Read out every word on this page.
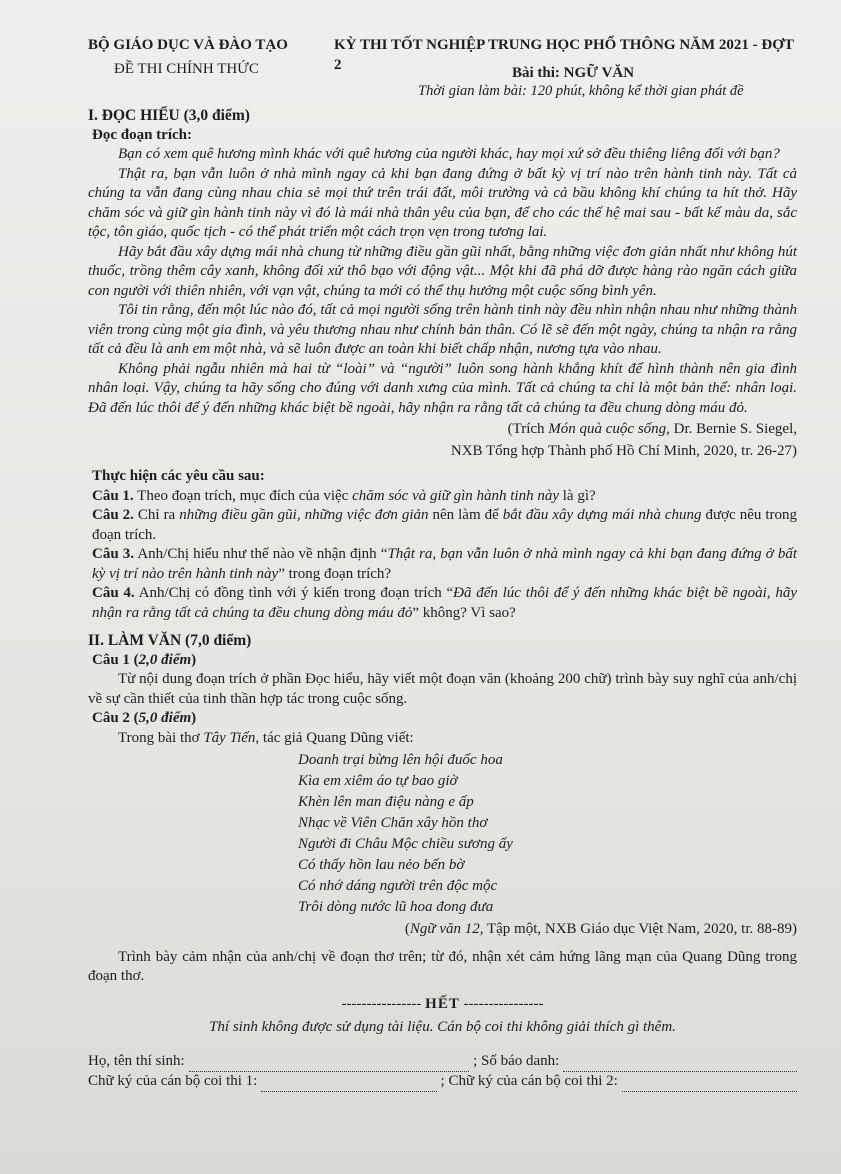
BỘ GIÁO DỤC VÀ ĐÀO TẠO
ĐỀ THI CHÍNH THỨC
KỲ THI TỐT NGHIỆP TRUNG HỌC PHỔ THÔNG NĂM 2021 - ĐỢT 2
Bài thi: NGỮ VĂN
Thời gian làm bài: 120 phút, không kể thời gian phát đề
I. ĐỌC HIỂU (3,0 điểm)
Đọc đoạn trích:

Bạn có xem quê hương mình khác với quê hương của người khác, hay mọi xứ sở đều thiêng liêng đối với bạn?

Thật ra, bạn vẫn luôn ở nhà mình ngay cả khi bạn đang đứng ở bất kỳ vị trí nào trên hành tinh này. Tất cả chúng ta vẫn đang cùng nhau chia sẻ mọi thứ trên trái đất, môi trường và cả bầu không khí chúng ta hít thở. Hãy chăm sóc và giữ gìn hành tinh này vì đó là mái nhà thân yêu của bạn, để cho các thế hệ mai sau - bất kể màu da, sắc tộc, tôn giáo, quốc tịch - có thể phát triển một cách trọn vẹn trong tương lai.

Hãy bắt đầu xây dựng mái nhà chung từ những điều gần gũi nhất, bằng những việc đơn giản nhất như không hút thuốc, trồng thêm cây xanh, không đối xử thô bạo với động vật... Một khi đã phá dỡ được hàng rào ngăn cách giữa con người với thiên nhiên, với vạn vật, chúng ta mới có thể thụ hưởng một cuộc sống bình yên.

Tôi tin rằng, đến một lúc nào đó, tất cả mọi người sống trên hành tinh này đều nhìn nhận nhau như những thành viên trong cùng một gia đình, và yêu thương nhau như chính bản thân. Có lẽ sẽ đến một ngày, chúng ta nhận ra rằng tất cả đều là anh em một nhà, và sẽ luôn được an toàn khi biết chấp nhận, nương tựa vào nhau.

Không phải ngẫu nhiên mà hai từ “loài” và “người” luôn song hành khắng khít để hình thành nên gia đình nhân loại. Vậy, chúng ta hãy sống cho đúng với danh xưng của mình. Tất cả chúng ta chỉ là một bản thể: nhân loại. Đã đến lúc thôi để ý đến những khác biệt bề ngoài, hãy nhận ra rằng tất cả chúng ta đều chung dòng máu đỏ.

(Trích Món quà cuộc sống, Dr. Bernie S. Siegel,

NXB Tổng hợp Thành phố Hồ Chí Minh, 2020, tr. 26-27)

Thực hiện các yêu cầu sau:

Câu 1. Theo đoạn trích, mục đích của việc chăm sóc và giữ gìn hành tinh này là gì?

Câu 2. Chỉ ra những điều gần gũi, những việc đơn giản nên làm để bắt đầu xây dựng mái nhà chung được nêu trong đoạn trích.

Câu 3. Anh/Chị hiểu như thế nào về nhận định “Thật ra, bạn vẫn luôn ở nhà mình ngay cả khi bạn đang đứng ở bất kỳ vị trí nào trên hành tinh này” trong đoạn trích?

Câu 4. Anh/Chị có đồng tình với ý kiến trong đoạn trích “Đã đến lúc thôi để ý đến những khác biệt bề ngoài, hãy nhận ra rằng tất cả chúng ta đều chung dòng máu đỏ” không? Vì sao?

II. LÀM VĂN (7,0 điểm)
Câu 1 (2,0 điểm)

Từ nội dung đoạn trích ở phần Đọc hiểu, hãy viết một đoạn văn (khoảng 200 chữ) trình bày suy nghĩ của anh/chị về sự cần thiết của tinh thần hợp tác trong cuộc sống.

Câu 2 (5,0 điểm)

Trong bài thơ Tây Tiến, tác giả Quang Dũng viết:

Doanh trại bừng lên hội đuốc hoa
Kìa em xiêm áo tự bao giờ
Khèn lên man điệu nàng e ấp
Nhạc về Viên Chăn xây hồn thơ
Người đi Châu Mộc chiều sương ấy
Có thấy hồn lau nẻo bến bờ
Có nhớ dáng người trên độc mộc
Trôi dòng nước lũ hoa đong đưa

(Ngữ văn 12, Tập một, NXB Giáo dục Việt Nam, 2020, tr. 88-89)

Trình bày cảm nhận của anh/chị về đoạn thơ trên; từ đó, nhận xét cảm hứng lãng mạn của Quang Dũng trong đoạn thơ.

---------------- HẾT ----------------
Thí sinh không được sử dụng tài liệu. Cán bộ coi thi không giải thích gì thêm.
Họ, tên thí sinh:	; Số báo danh:
Chữ ký của cán bộ coi thi 1:	; Chữ ký của cán bộ coi thi 2:
